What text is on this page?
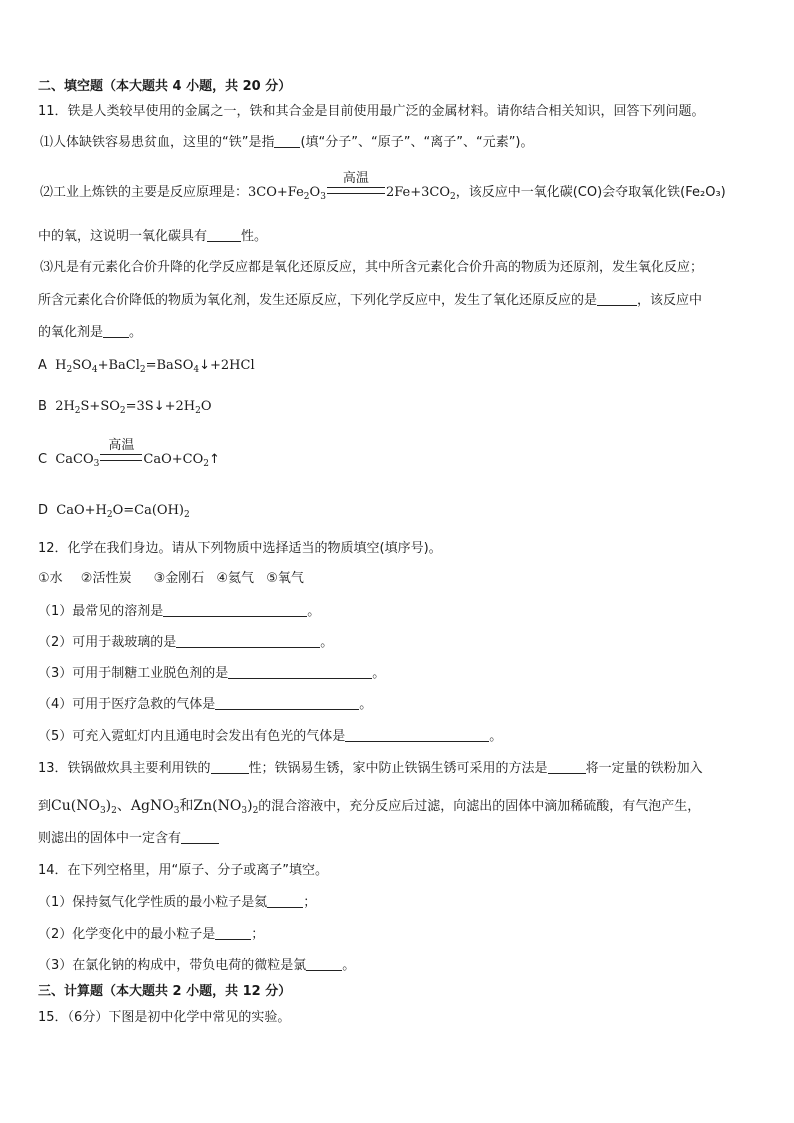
二、填空题（本大题共 4 小题，共 20 分）
11．铁是人类较早使用的金属之一，铁和其合金是目前使用最广泛的金属材料。请你结合相关知识，回答下列问题。
⑴人体缺铁容易患贫血，这里的“铁”是指 (填“分子”、“原子”、“离子”、“元素”)。
⑵工业上炼铁的主要是反应原理是：$3CO+Fe_2O_3$
高温
$2Fe+3CO_2$，该反应中一氧化碳(CO)会夺取氧化铁(Fe₂O₃)
中的氧，这说明一氧化碳具有	性。
⑶凡是有元素化合价升降的化学反应都是氧化还原反应，其中所含元素化合价升高的物质为还原剂，发生氧化反应；
所含元素化合价降低的物质为氧化剂，发生还原反应，下列化学反应中，发生了氧化还原反应的是	，该反应中
的氧化剂是 。
A $H_2SO_4+BaCl_2=BaSO_4↓+2HCl$
B $2H_2S+SO_2=3S↓+2H_2O$
C CaCO$_3$
高温
$CaO+CO_2↑$
D $CaO+H_2O=Ca(OH)_2$
12．化学在我们身边。请从下列物质中选择适当的物质填空(填序号)。
①水 ②活性炭 ③金刚石 ④氦气 ⑤氧气
（1）最常见的溶剂是	。
（2）可用于裁玻璃的是	。
（3）可用于制糖工业脱色剂的是	。
（4）可用于医疗急救的气体是	。
（5）可充入霓虹灯内且通电时会发出有色光的气体是	。
13．铁锅做炊具主要利用铁的	性；铁锅易生锈，家中防止铁锅生锈可采用的方法是	将一定量的铁粉加入
到$Cu(NO_3)_2$、AgNO$_3$和$Zn(NO_3)_2$的混合溶液中，充分反应后过滤，向滤出的固体中滴加稀硫酸，有气泡产生，
则滤出的固体中一定含有
14．在下列空格里，用“原子、分子或离子”填空。
（1）保持氦气化学性质的最小粒子是氦	；
（2）化学变化中的最小粒子是	；
（3）在氯化钠的构成中，带负电荷的微粒是氯	。
三、计算题（本大题共 2 小题，共 12 分）
15．（6分）下图是初中化学中常见的实验。
